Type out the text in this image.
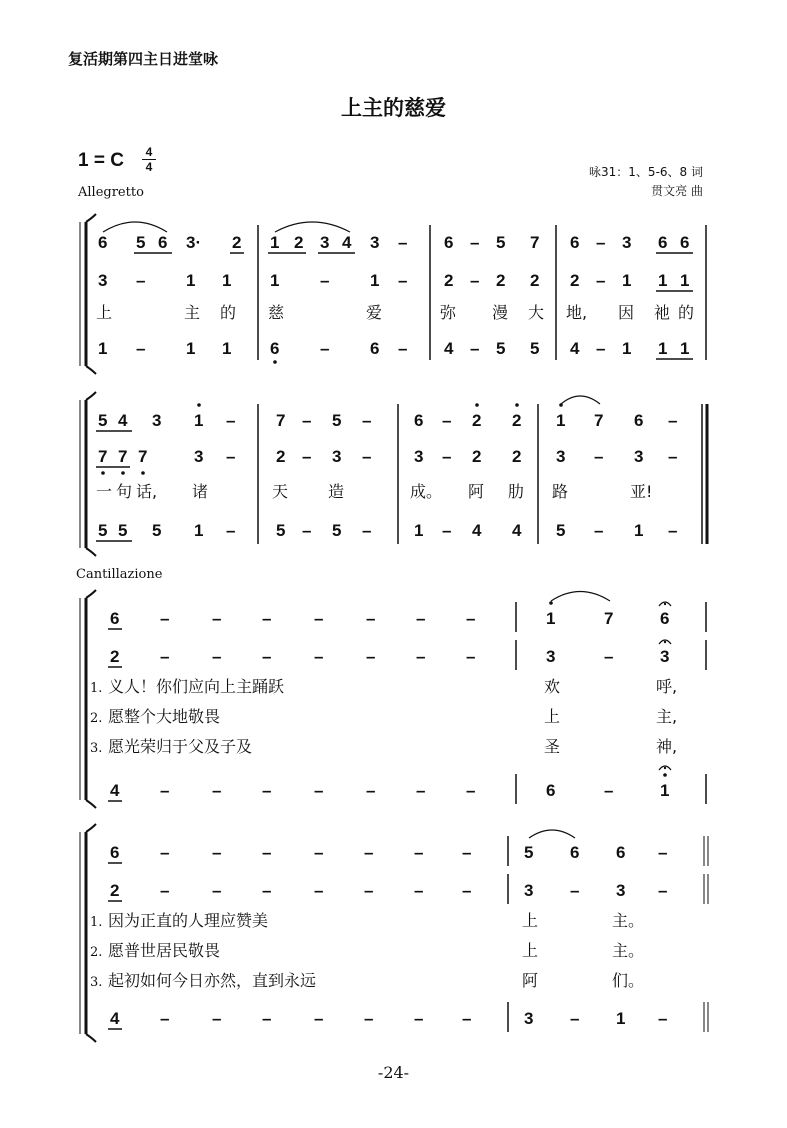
复活期第四主日进堂咏
上主的慈爱
1 = C	4
4
Allegretto
咏31：1、5-6、8 词
贯文亮 曲
6 5 6 3· 2 1 2 3 4 3 – 6 – 5 7 6 – 3 6 6
3 – 1 1 1 – 1 – 2 – 2 2 2 – 1 1 1
上	主 的 慈	爱	弥 漫 大 地, 因 祂 的
1 – 1 1 6 – 6 – 4 – 5 5 4 – 1 1 1
5 4 3 1 – 7 – 5 –	6 – 2 2 1 7 6 –
7 7 7	3 – 2 – 3 –	3 – 2 2 3 – 3 –
一 句 话, 诸	天 造	成。 阿 肋 路	亚!
5 5 5 1 – 5 – 5 –	1 – 4 4 5 – 1 –
6 –	– –	–	– – –	1	7	6
2 –	– –	–	– – –	3	–	3
1. 义人！你们应向上主踊跃	欢	呼,
2. 愿整个大地敬畏	上	主,
3. 愿光荣归于父及子及	圣	神,
4 –	– –	–	– – –	6	–	1
6 –	– –	– – – –	5 6 6 –
2 –	– –	– – – –	3 – 3 –
1. 因为正直的人理应赞美	上	主。
2. 愿普世居民敬畏	上	主。
3. 起初如何今日亦然，直到永远	阿	们。
4 –	– –	– – – –	3 – 1 –
Cantillazione
-24-
